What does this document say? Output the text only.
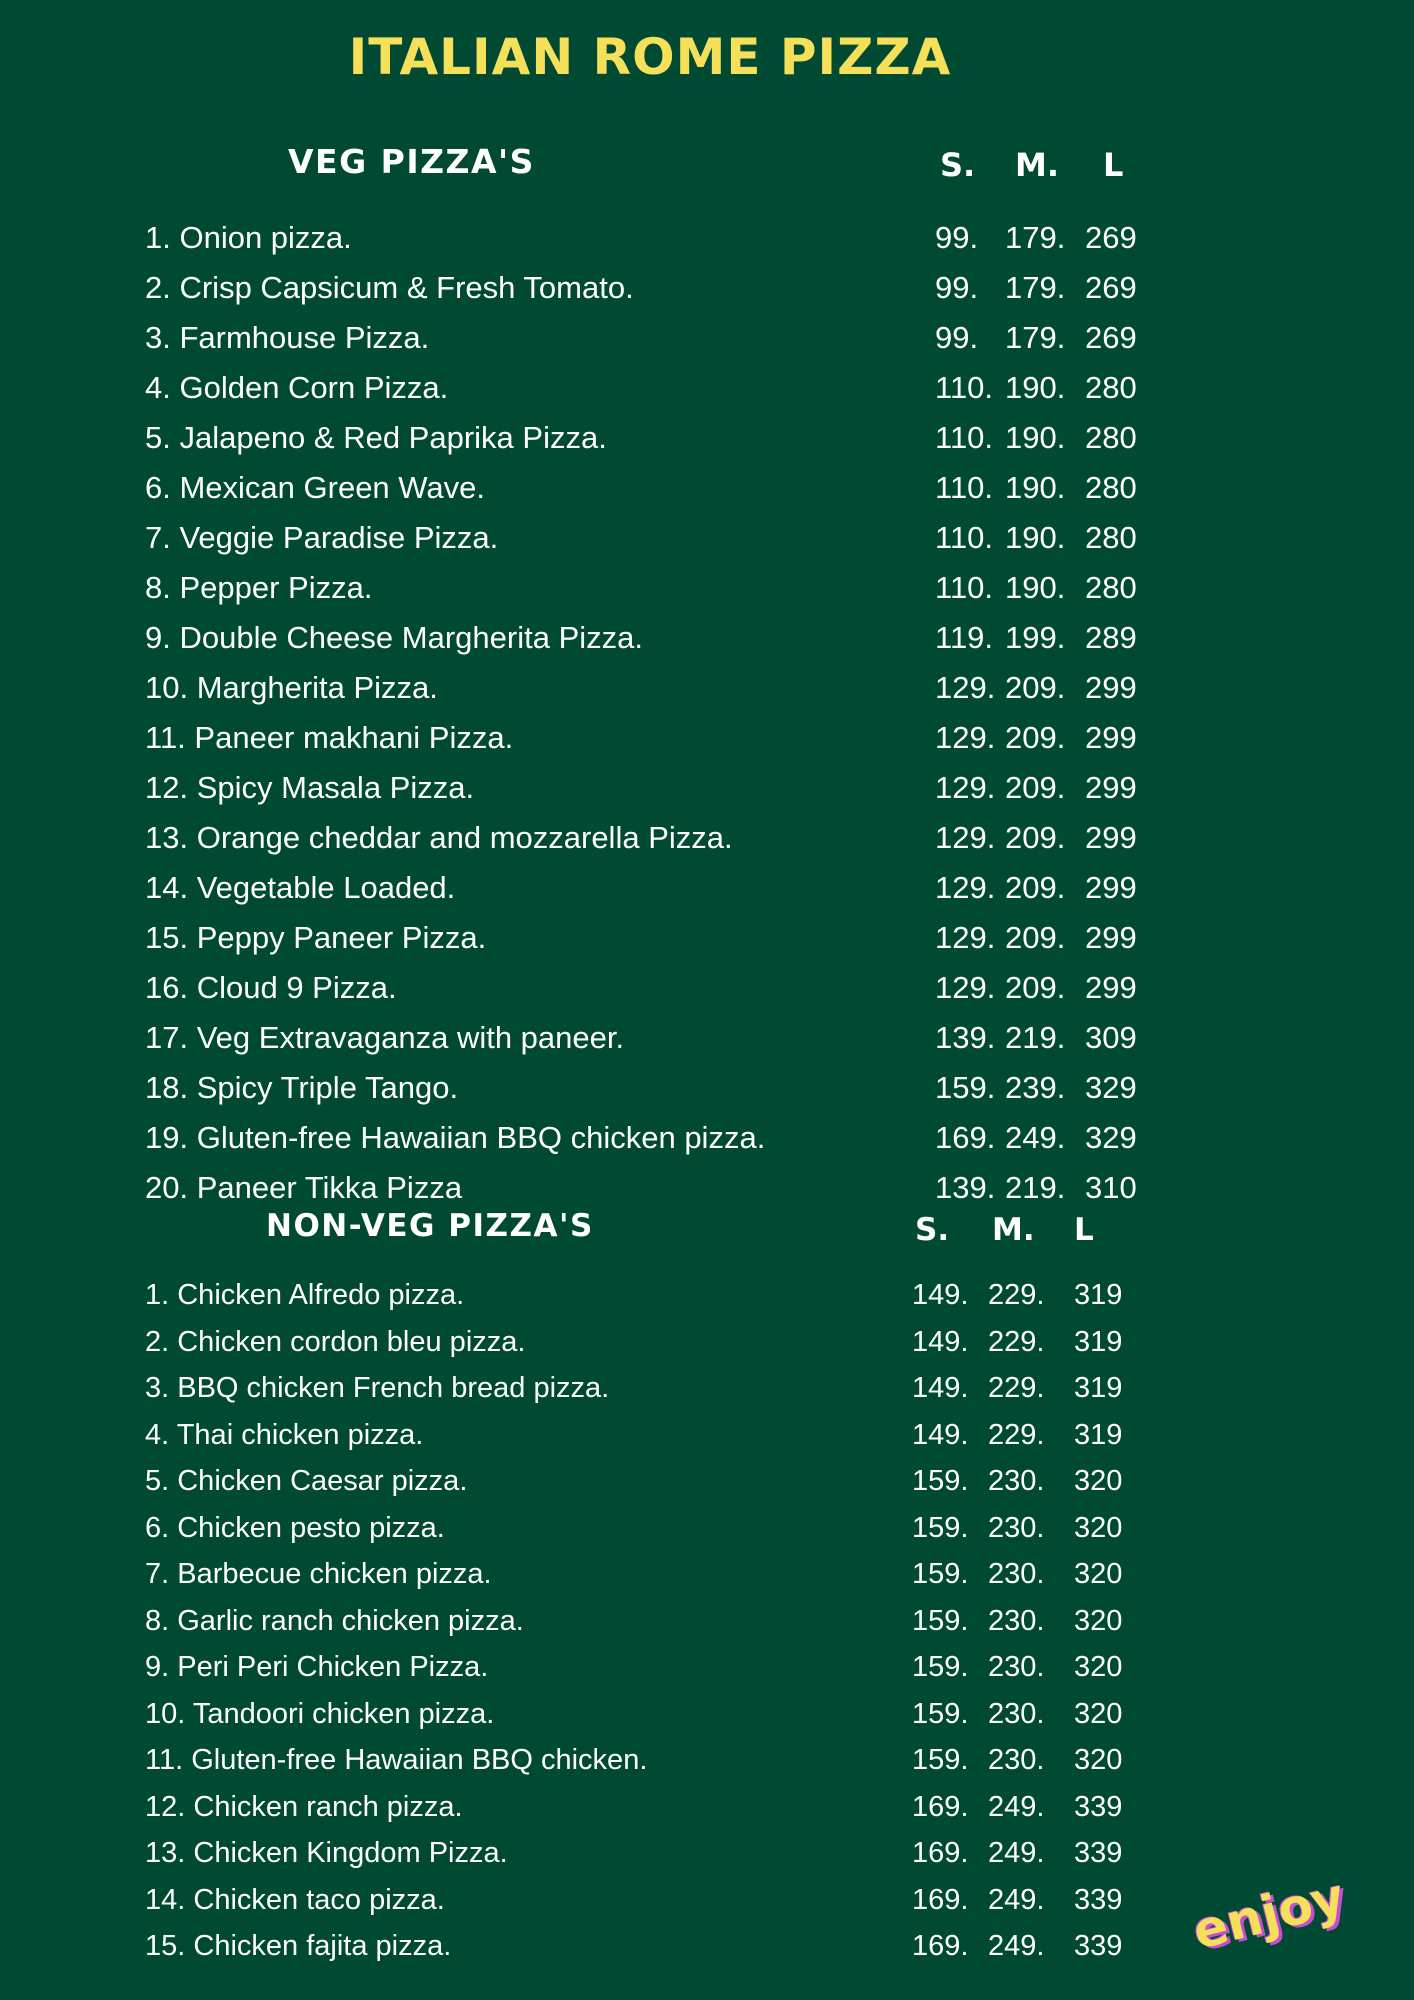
ITALIAN ROME PIZZA
VEG PIZZA'S	S. M. L
1. Onion pizza.	99. 179. 269
2. Crisp Capsicum & Fresh Tomato.	99. 179. 269
3. Farmhouse Pizza.	99. 179. 269
4. Golden Corn Pizza.	110. 190. 280
5. Jalapeno & Red Paprika Pizza.	110. 190. 280
6. Mexican Green Wave.	110. 190. 280
7. Veggie Paradise Pizza.	110. 190. 280
8. Pepper Pizza.	110. 190. 280
9. Double Cheese Margherita Pizza.	119. 199. 289
10. Margherita Pizza.	129. 209. 299
11. Paneer makhani Pizza.	129. 209. 299
12. Spicy Masala Pizza.	129. 209. 299
13. Orange cheddar and mozzarella Pizza.	129. 209. 299
14. Vegetable Loaded.	129. 209. 299
15. Peppy Paneer Pizza.	129. 209. 299
16. Cloud 9 Pizza.	129. 209. 299
17. Veg Extravaganza with paneer.	139. 219. 309
18. Spicy Triple Tango.	159. 239. 329
19. Gluten-free Hawaiian BBQ chicken pizza.	169. 249. 329
20. Paneer Tikka Pizza	139. 219. 310
NON-VEG PIZZA'S	S. M. L
1. Chicken Alfredo pizza.	149. 229. 319
2. Chicken cordon bleu pizza.	149. 229. 319
3. BBQ chicken French bread pizza.	149. 229. 319
4. Thai chicken pizza.	149. 229. 319
5. Chicken Caesar pizza.	159. 230. 320
6. Chicken pesto pizza.	159. 230. 320
7. Barbecue chicken pizza.	159. 230. 320
8. Garlic ranch chicken pizza.	159. 230. 320
9. Peri Peri Chicken Pizza.	159. 230. 320
10. Tandoori chicken pizza.	159. 230. 320
11. Gluten-free Hawaiian BBQ chicken.	159. 230. 320
12. Chicken ranch pizza.	169. 249. 339
13. Chicken Kingdom Pizza.	169. 249. 339
14. Chicken taco pizza.	169. 249. 339
15. Chicken fajita pizza.	169. 249. 339 enjoy
